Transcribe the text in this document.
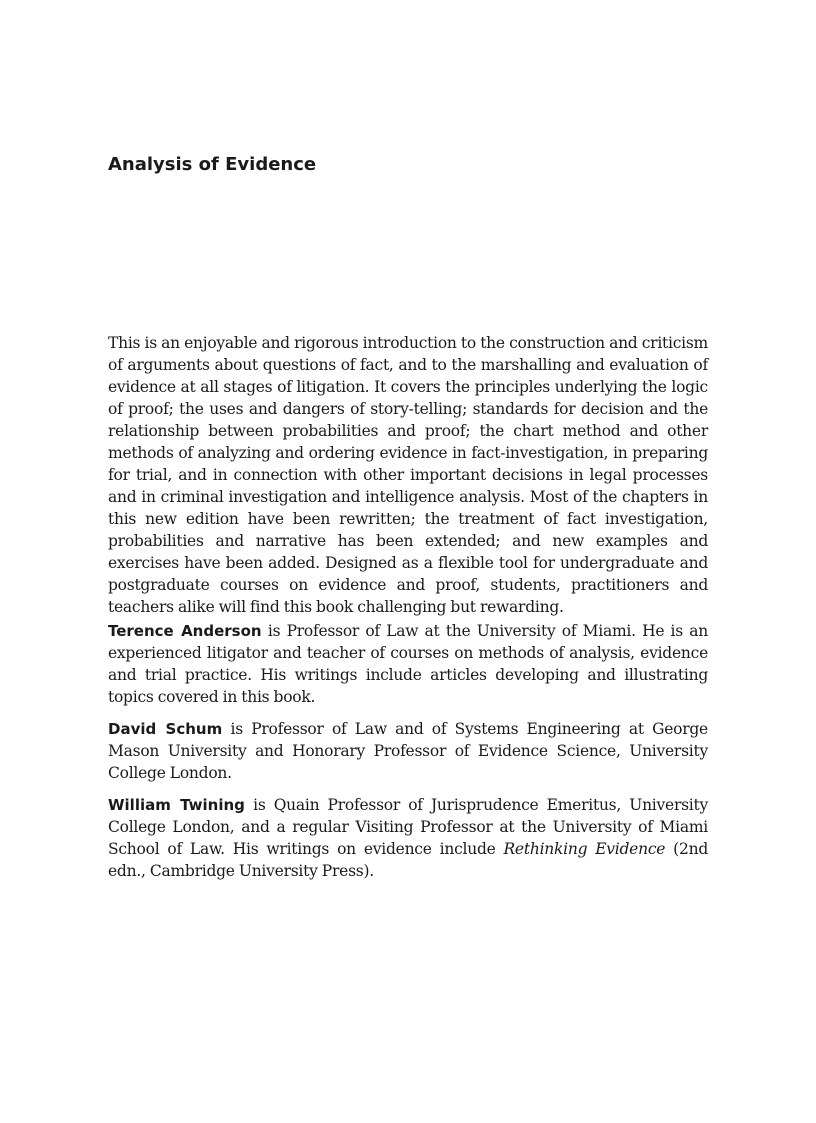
Analysis of Evidence

This is an enjoyable and rigorous introduction to the construction and criticism of arguments about questions of fact, and to the marshalling and evaluation of evidence at all stages of litigation. It covers the principles underlying the logic of proof; the uses and dangers of story-telling; standards for decision and the relationship between probabilities and proof; the chart method and other methods of analyzing and ordering evidence in fact-investigation, in preparing for trial, and in connection with other important decisions in legal processes and in criminal investigation and intelligence analysis. Most of the chapters in this new edition have been rewritten; the treatment of fact investigation, probabilities and narrative has been extended; and new examples and exercises have been added. Designed as a flexible tool for undergraduate and postgraduate courses on evidence and proof, students, practitioners and teachers alike will find this book challenging but rewarding.

Terence Anderson is Professor of Law at the University of Miami. He is an experienced litigator and teacher of courses on methods of analysis, evidence and trial practice. His writings include articles developing and illustrating topics covered in this book.

David Schum is Professor of Law and of Systems Engineering at George Mason University and Honorary Professor of Evidence Science, University College London.

William Twining is Quain Professor of Jurisprudence Emeritus, University College London, and a regular Visiting Professor at the University of Miami School of Law. His writings on evidence include Rethinking Evidence (2nd edn., Cambridge University Press).
